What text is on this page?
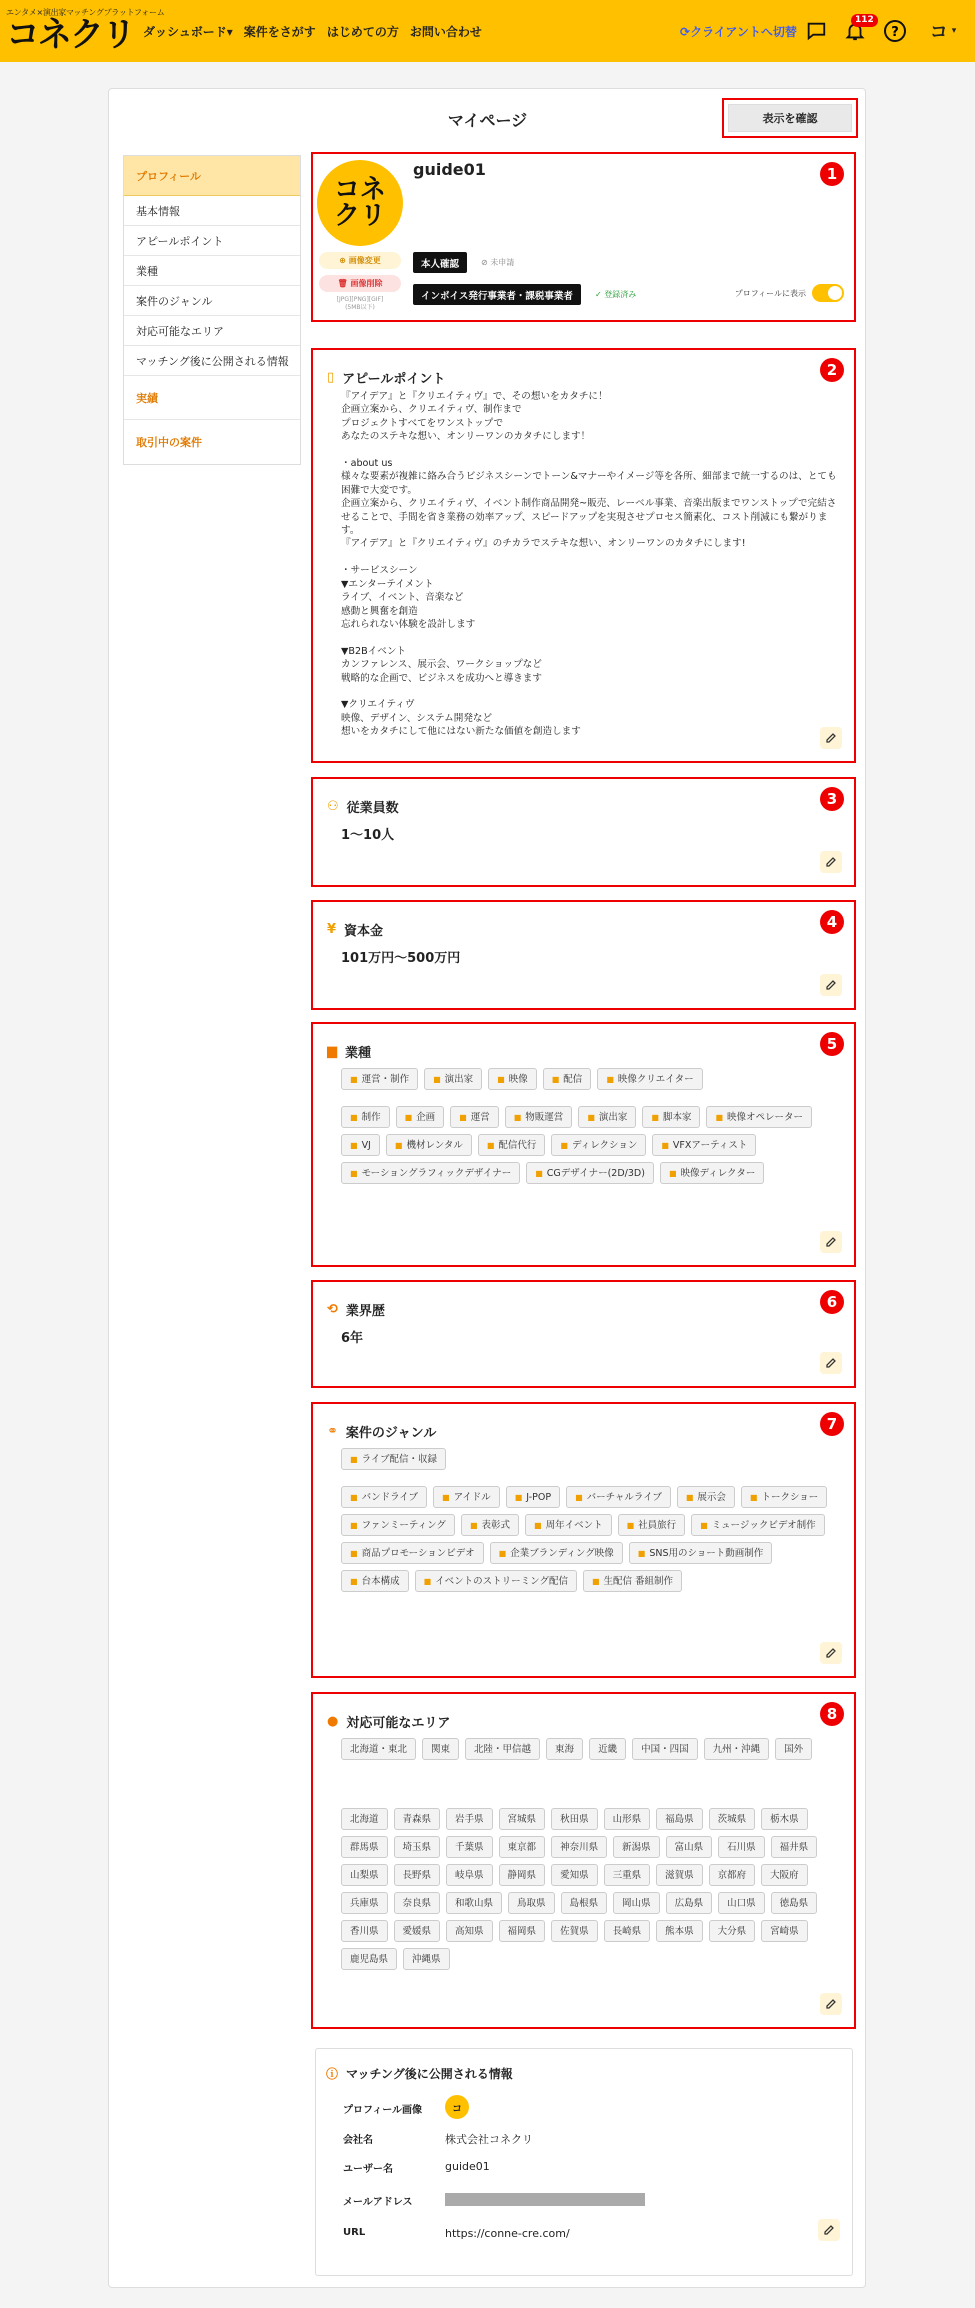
エンタメ×演出家マッチングプラットフォーム
コネクリ ダッシュボード▾ 案件をさがす はじめての方 お問い合わせ	⟳クライアントへ切替
112
? コ ▾
マイページ	表示を確認
プロフィール
基本情報
アピールポイント
業種
案件のジャンル
対応可能なエリア
マッチング後に公開される情報
実績
取引中の案件
1
コネ
クリ
⊕ 画像変更
🗑 画像削除
[JPG][PNG][GIF]
(5MB以下)
guide01
本人確認	⊘ 未申請
インボイス発行事業者・課税事業者	✓ 登録済み	プロフィールに表示
2
▯ アピールポイント
『アイデア』と『クリエイティヴ』で、その想いをカタチに！
企画立案から、クリエイティヴ、制作まで
プロジェクトすべてをワンストップで
あなたのステキな想い、オンリーワンのカタチにします！

・about us
様々な要素が複雑に絡み合うビジネスシーンでトーン&マナーやイメージ等を各所、細部まで統一するのは、とても困難で大変です。
企画立案から、クリエイティヴ、イベント制作商品開発~販売、レーベル事業、音楽出版までワンストップで完結させることで、手間を省き業務の効率アップ、スピードアップを実現させプロセス簡素化、コスト削減にも繋がります。
『アイデア』と『クリエイティヴ』のチカラでステキな想い、オンリーワンのカタチにします!

・サービスシーン
▼エンターテイメント
ライブ、イベント、音楽など
感動と興奮を創造
忘れられない体験を設計します

▼B2Bイベント
カンファレンス、展示会、ワークショップなど
戦略的な企画で、ビジネスを成功へと導きます

▼クリエイティヴ
映像、デザイン、システム開発など
想いをカタチにして他にはない新たな価値を創造します
3
⚇ 従業員数
1〜10人
4
¥ 資本金
101万円〜500万円
5
▆ 業種
■ 運営・制作	■ 演出家	■ 映像	■ 配信	■ 映像クリエイター
■ 制作	■ 企画	■ 運営	■ 物販運営	■ 演出家	■ 脚本家	■ 映像オペレーター
■ VJ	■ 機材レンタル	■ 配信代行	■ ディレクション	■ VFXアーティスト
■ モーショングラフィックデザイナー	■ CGデザイナー(2D/3D)	■ 映像ディレクター
6
⟲ 業界歴
6年
7
⚭ 案件のジャンル
■ ライブ配信・収録
■ バンドライブ	■ アイドル	■ J-POP	■ バーチャルライブ	■ 展示会	■ トークショー
■ ファンミーティング	■ 表彰式	■ 周年イベント	■ 社員旅行	■ ミュージックビデオ制作
■ 商品プロモーションビデオ	■ 企業ブランディング映像	■ SNS用のショート動画制作
■ 台本構成	■ イベントのストリーミング配信	■ 生配信 番組制作
8
● 対応可能なエリア
北海道・東北	関東	北陸・甲信越	東海	近畿	中国・四国	九州・沖縄	国外
北海道	青森県	岩手県	宮城県	秋田県	山形県	福島県	茨城県	栃木県
群馬県	埼玉県	千葉県	東京都	神奈川県	新潟県	富山県	石川県	福井県
山梨県	長野県	岐阜県	静岡県	愛知県	三重県	滋賀県	京都府	大阪府
兵庫県	奈良県	和歌山県	鳥取県	島根県	岡山県	広島県	山口県	徳島県
香川県	愛媛県	高知県	福岡県	佐賀県	長崎県	熊本県	大分県	宮崎県
鹿児島県	沖縄県
ⓘ マッチング後に公開される情報
プロフィール画像	コ
会社名	株式会社コネクリ
ユーザー名	guide01
メールアドレス
URL	https://conne-cre.com/
